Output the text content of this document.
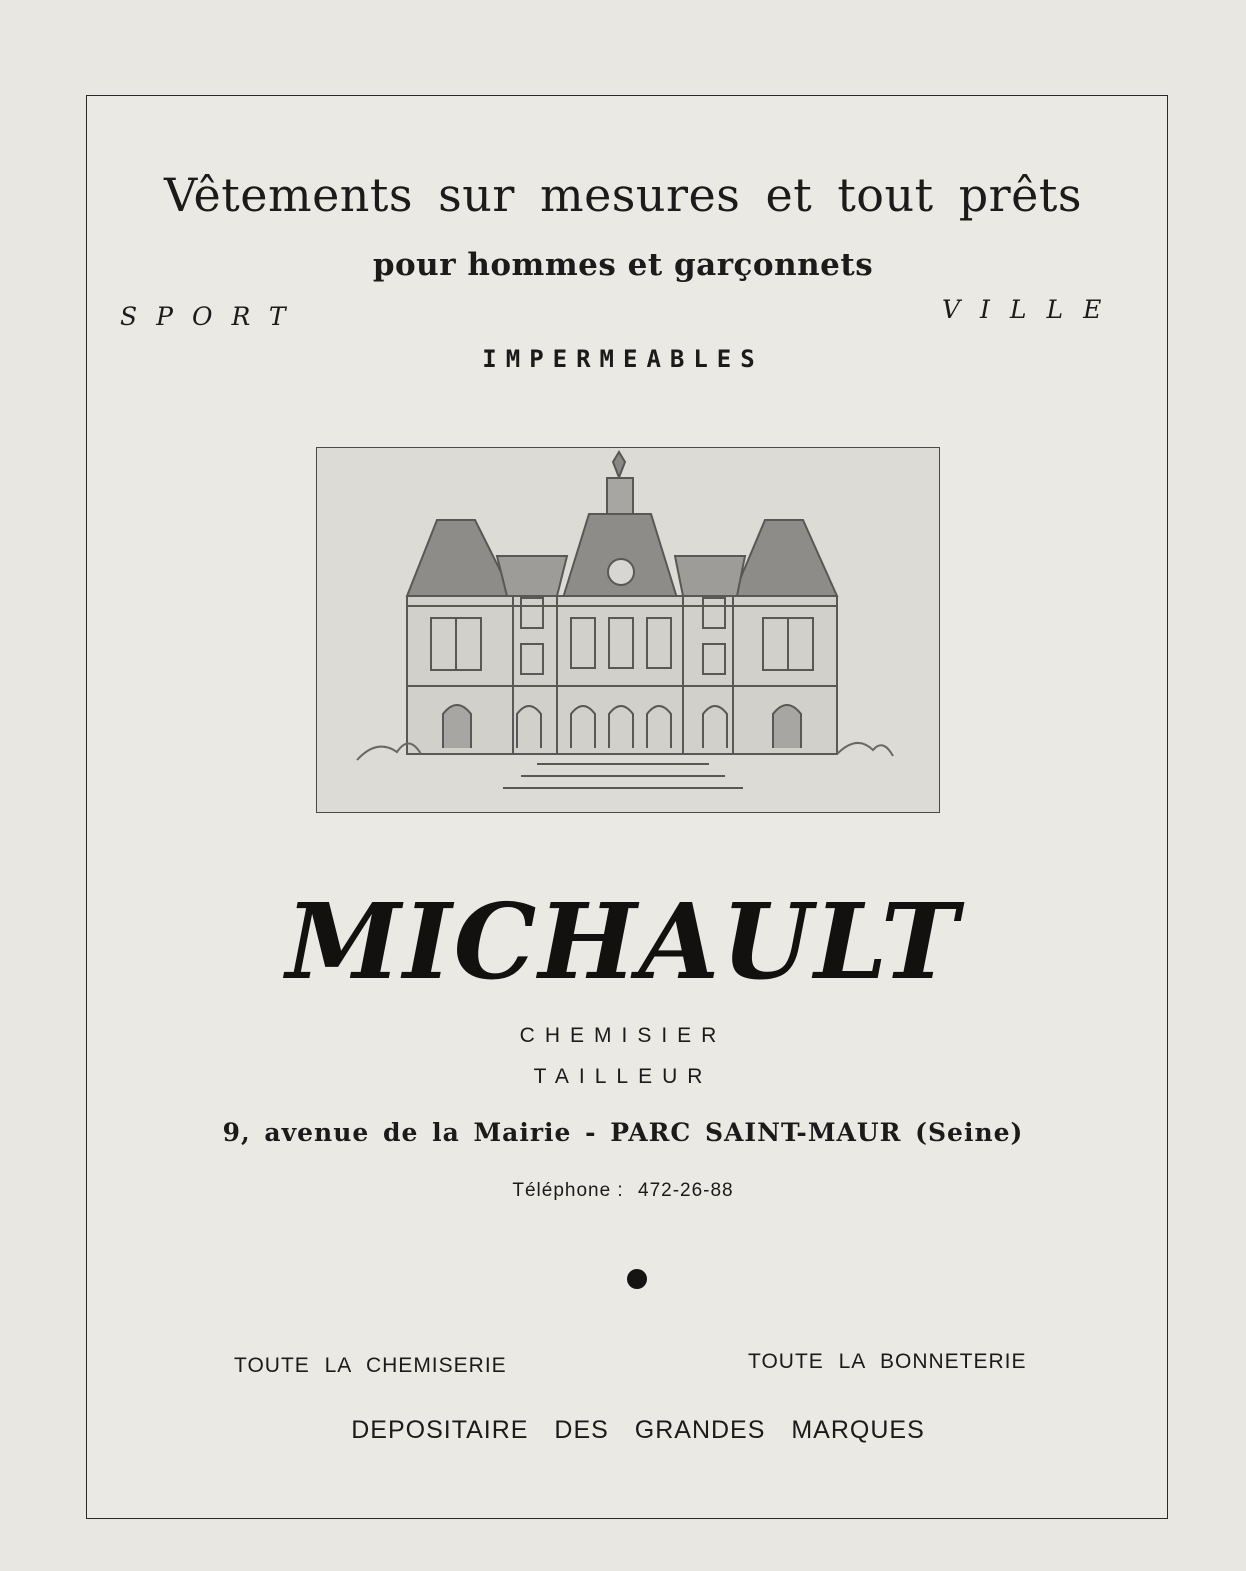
Vêtements sur mesures et tout prêts
pour hommes et garçonnets
SPORT	VILLE
IMPERMEABLES
MICHAULT
CHEMISIER
TAILLEUR
9, avenue de la Mairie - PARC SAINT-MAUR (Seine)
Téléphone : 472-26-88
TOUTE LA CHEMISERIE	TOUTE LA BONNETERIE
DEPOSITAIRE DES GRANDES MARQUES
